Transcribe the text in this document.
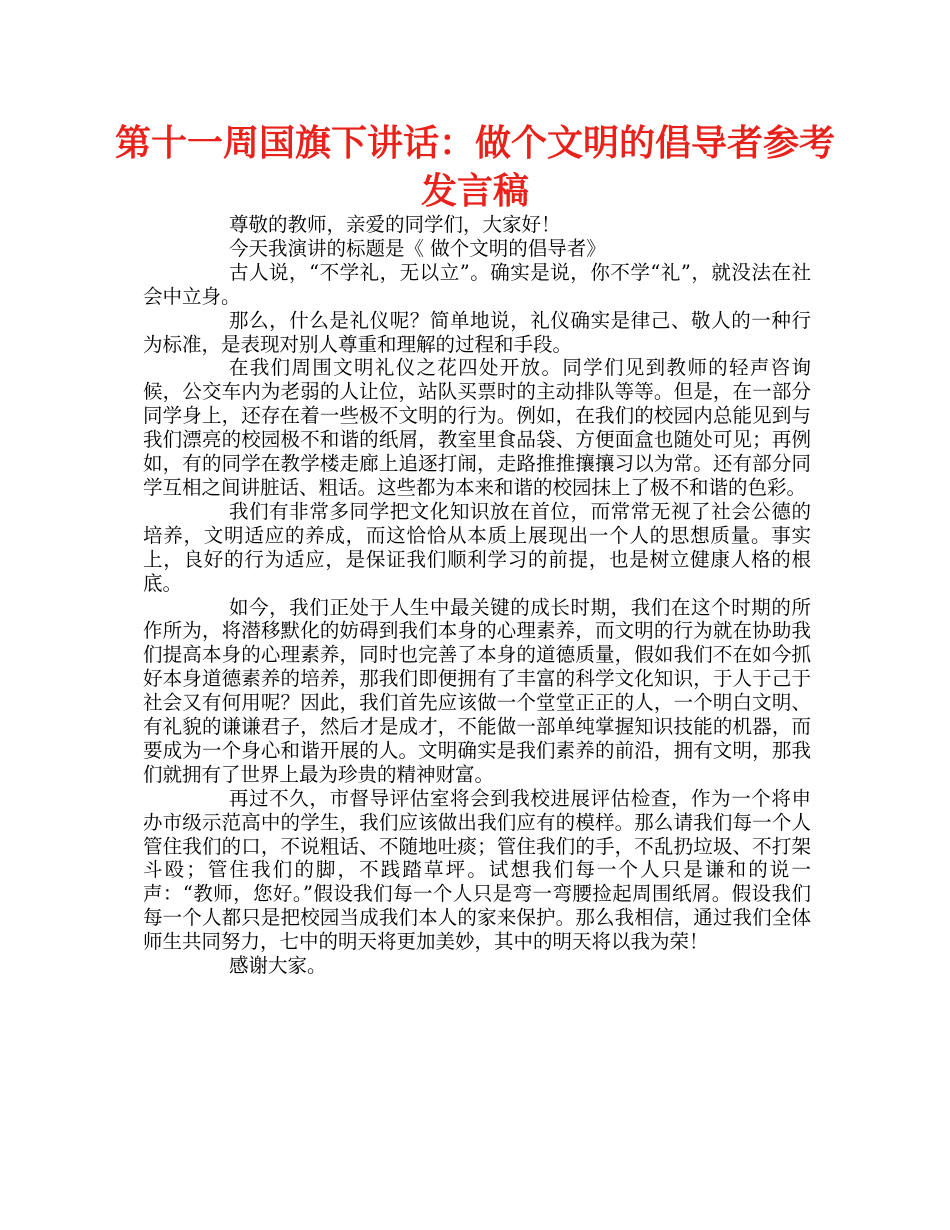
第十一周国旗下讲话：做个文明的倡导者参考发言稿

尊敬的教师，亲爱的同学们，大家好！

今天我演讲的标题是《 做个文明的倡导者》

古人说，“不学礼，无以立”。确实是说，你不学“礼”，就没法在社会中立身。

那么，什么是礼仪呢？简单地说，礼仪确实是律己、敬人的一种行为标准，是表现对别人尊重和理解的过程和手段。

在我们周围文明礼仪之花四处开放。同学们见到教师的轻声咨询候，公交车内为老弱的人让位，站队买票时的主动排队等等。但是，在一部分同学身上，还存在着一些极不文明的行为。例如，在我们的校园内总能见到与我们漂亮的校园极不和谐的纸屑，教室里食品袋、方便面盒也随处可见；再例如，有的同学在教学楼走廊上追逐打闹，走路推推攘攘习以为常。还有部分同学互相之间讲脏话、粗话。这些都为本来和谐的校园抹上了极不和谐的色彩。

我们有非常多同学把文化知识放在首位，而常常无视了社会公德的培养，文明适应的养成，而这恰恰从本质上展现出一个人的思想质量。事实上，良好的行为适应，是保证我们顺利学习的前提，也是树立健康人格的根底。

如今，我们正处于人生中最关键的成长时期，我们在这个时期的所作所为，将潜移默化的妨碍到我们本身的心理素养，而文明的行为就在协助我们提高本身的心理素养，同时也完善了本身的道德质量，假如我们不在如今抓好本身道德素养的培养，那我们即便拥有了丰富的科学文化知识，于人于己于社会又有何用呢？因此，我们首先应该做一个堂堂正正的人，一个明白文明、有礼貌的谦谦君子，然后才是成才，不能做一部单纯掌握知识技能的机器，而要成为一个身心和谐开展的人。文明确实是我们素养的前沿，拥有文明，那我们就拥有了世界上最为珍贵的精神财富。

再过不久，市督导评估室将会到我校进展评估检查，作为一个将申办市级示范高中的学生，我们应该做出我们应有的模样。那么请我们每一个人管住我们的口，不说粗话、不随地吐痰；管住我们的手，不乱扔垃圾、不打架斗殴；管住我们的脚，不践踏草坪。试想我们每一个人只是谦和的说一声：“教师，您好。”假设我们每一个人只是弯一弯腰捡起周围纸屑。假设我们每一个人都只是把校园当成我们本人的家来保护。那么我相信，通过我们全体师生共同努力，七中的明天将更加美妙，其中的明天将以我为荣！

感谢大家。
